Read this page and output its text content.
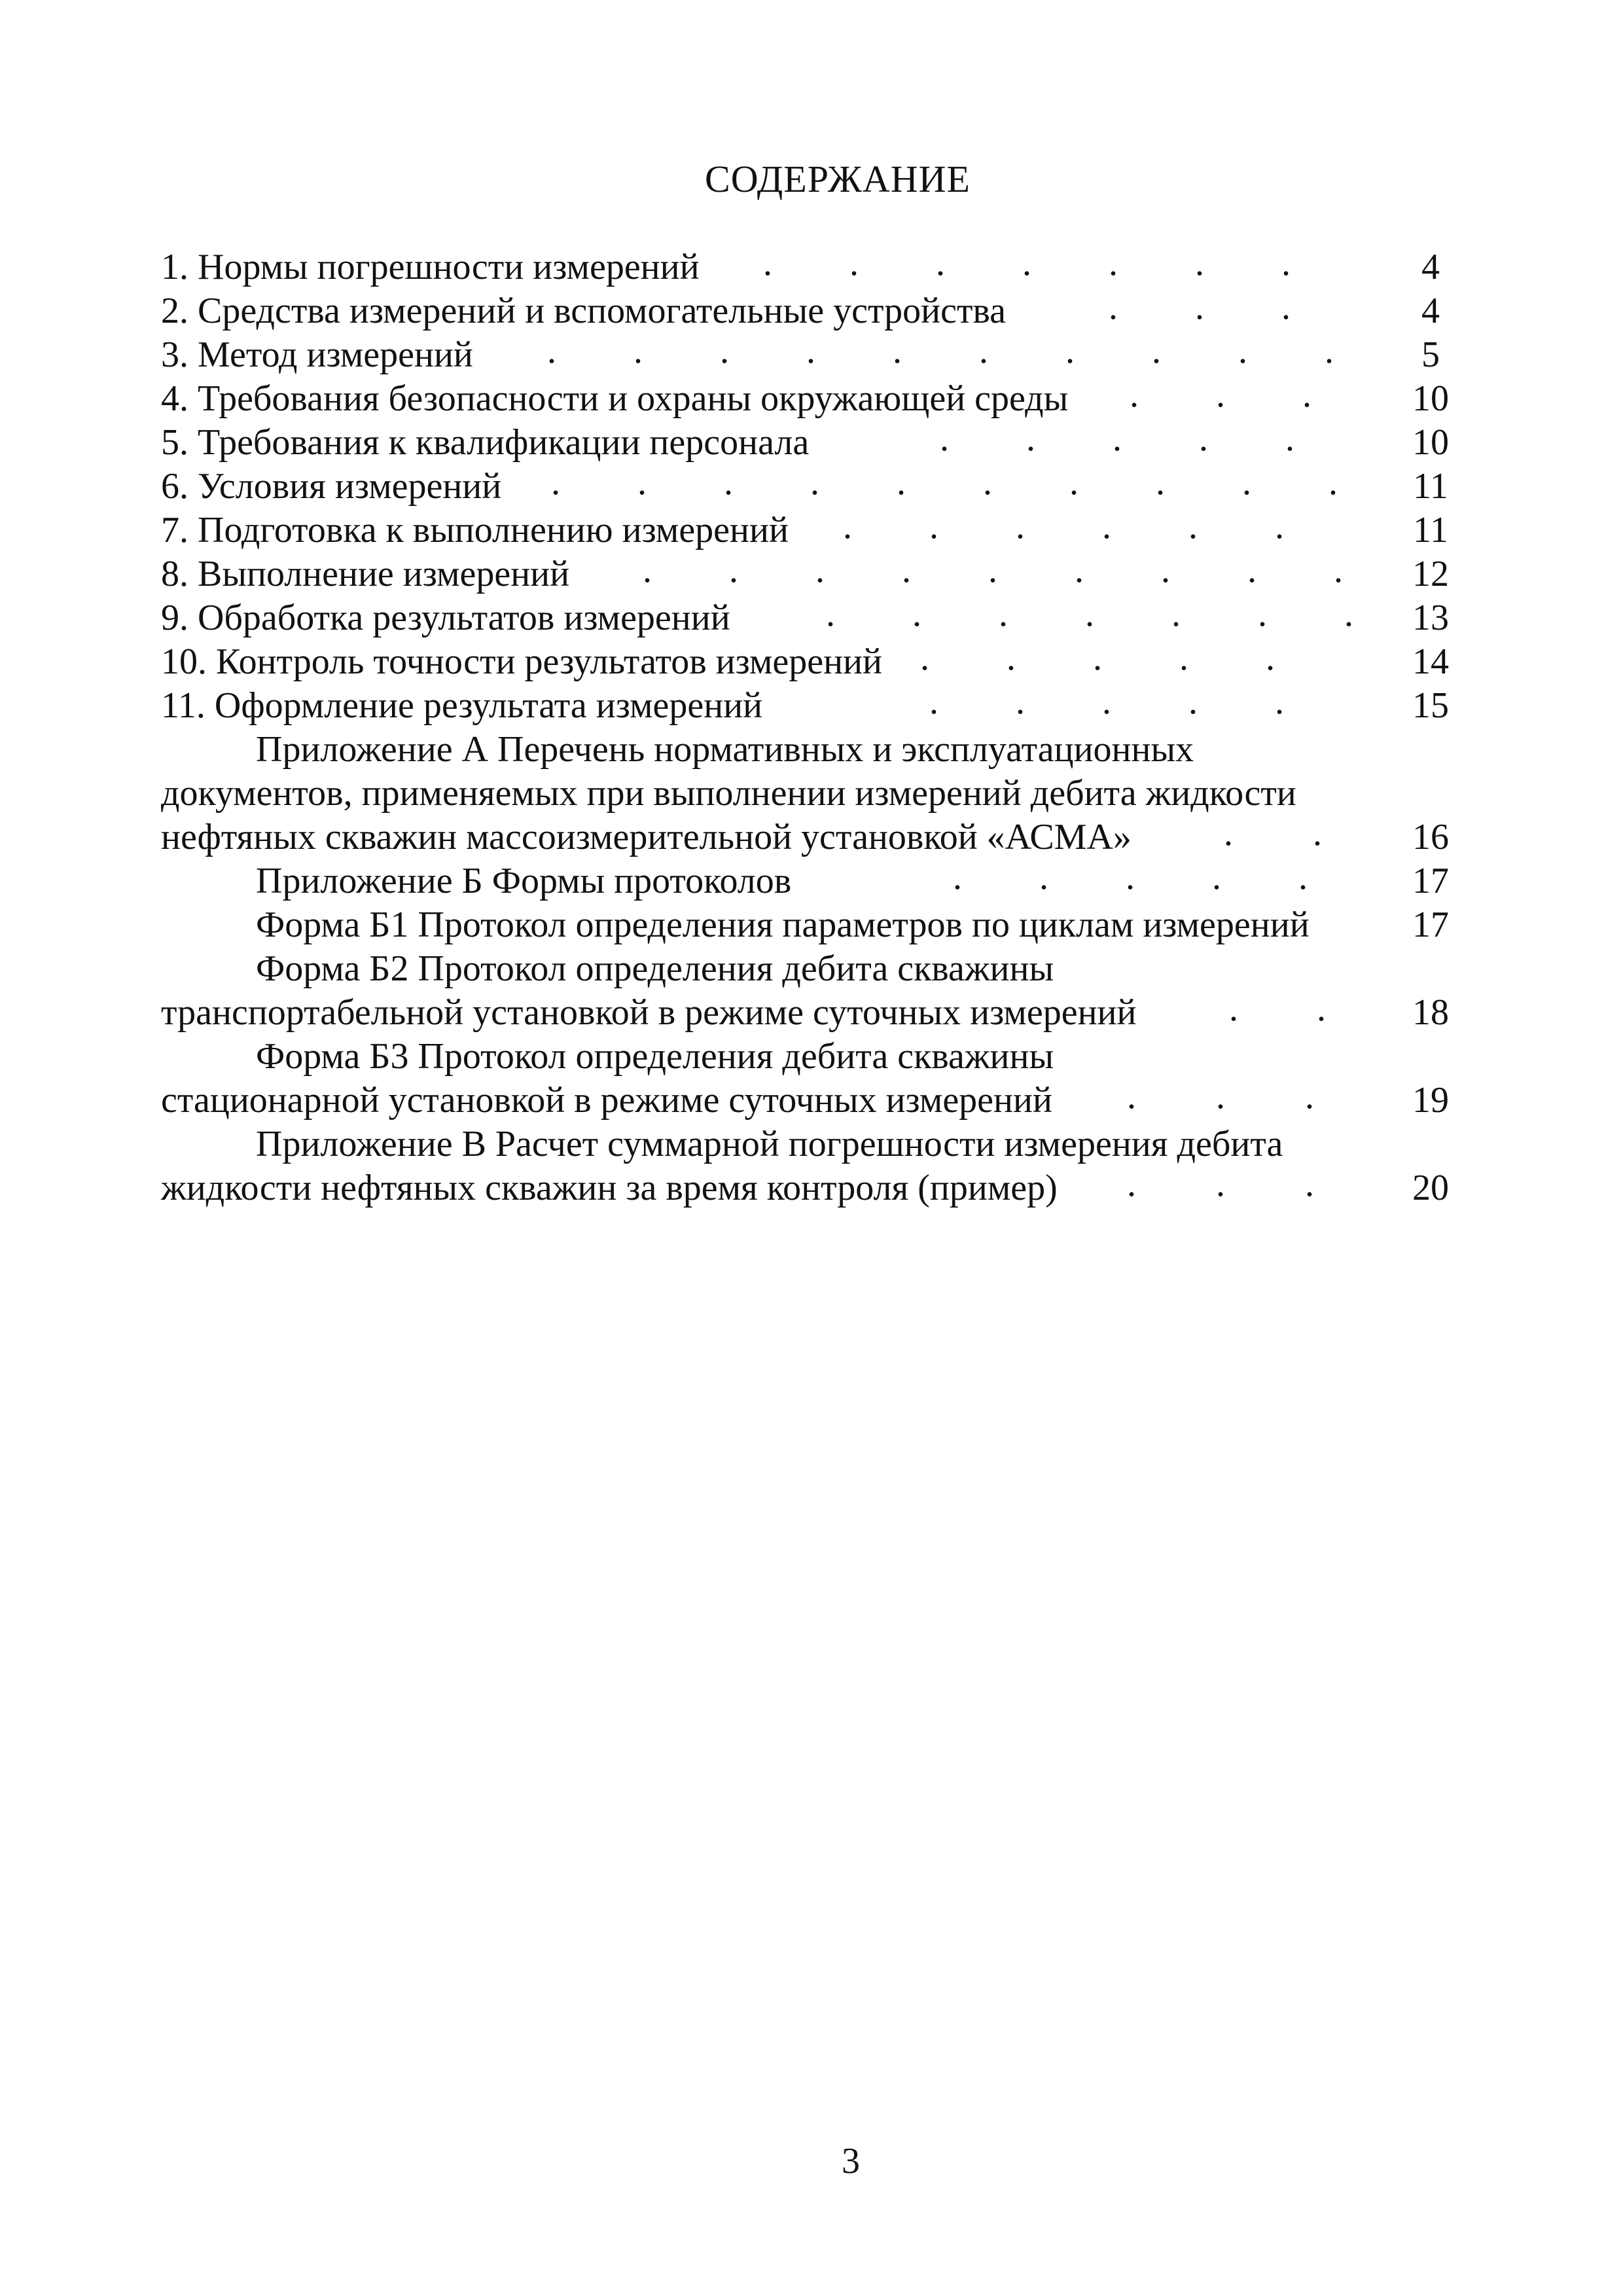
СОДЕРЖАНИЕ
1. Нормы погрешности измерений . . . . . . .	4
2. Средства измерений и вспомогательные устройства	. . .	4
3. Метод измерений . . . . . . . . . .	5
4. Требования безопасности и охраны окружающей среды . . .	10
5. Требования к квалификации персонала	. . . . .	10
6. Условия измерений . . . . . . . . . .	11
7. Подготовка к выполнению измерений . . . . . .	11
8. Выполнение измерений . . . . . . . . .	12
9. Обработка результатов измерений	. . . . . . .	13
10. Контроль точности результатов измерений . . . . .	14
11. Оформление результата измерений	. . . . .	15
Приложение А Перечень нормативных и эксплуатационных
документов, применяемых при выполнении измерений дебита жидкости
нефтяных скважин массоизмерительной установкой «АСМА»	. .	16
Приложение Б Формы протоколов	. . . . .	17
Форма Б1 Протокол определения параметров по циклам измерений	17
Форма Б2 Протокол определения дебита скважины
транспортабельной установкой в режиме суточных измерений	. .	18
Форма Б3 Протокол определения дебита скважины
стационарной установкой в режиме суточных измерений . . .	19
Приложение В Расчет суммарной погрешности измерения дебита
жидкости нефтяных скважин за время контроля (пример) . . .	20
3
